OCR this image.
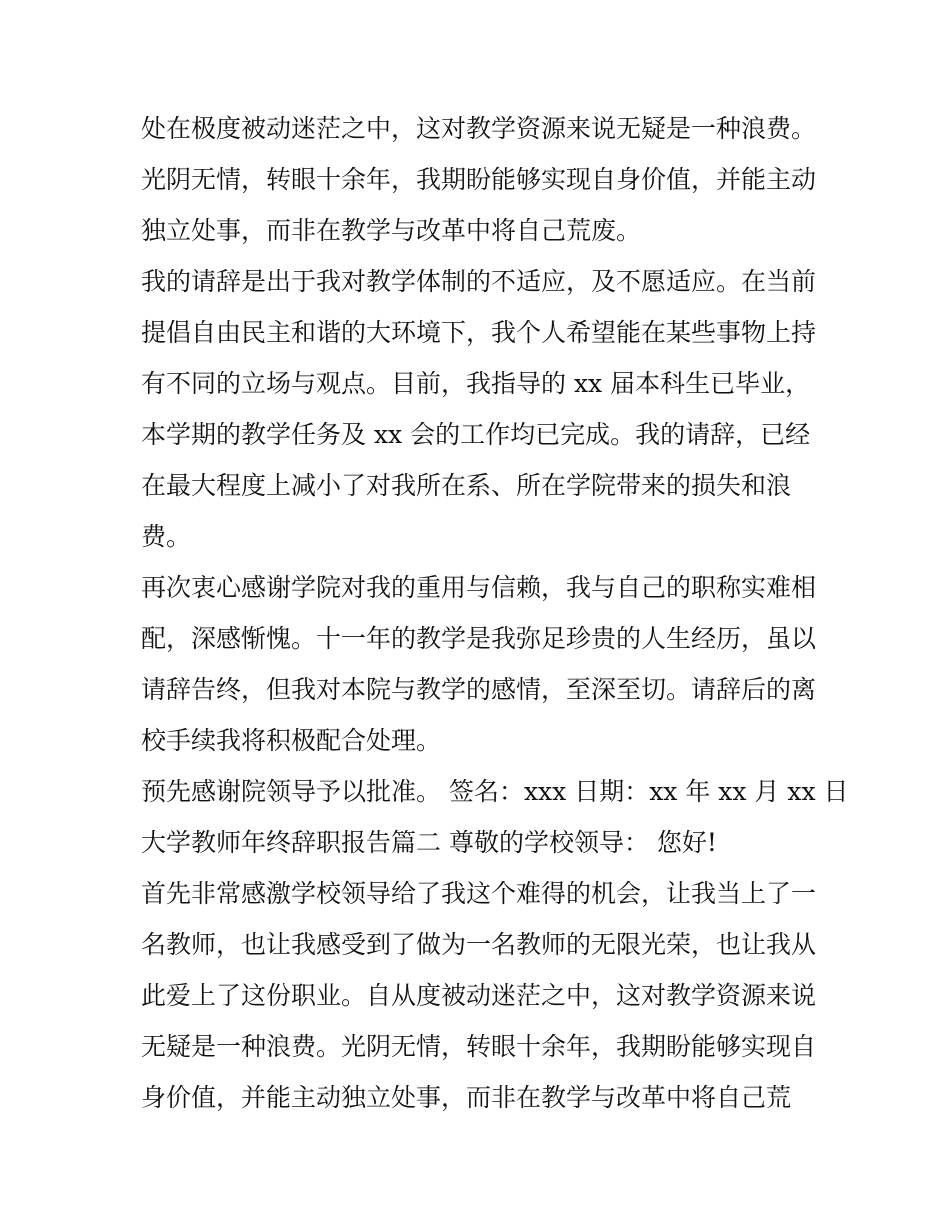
处在极度被动迷茫之中，这对教学资源来说无疑是一种浪费。
光阴无情，转眼十余年，我期盼能够实现自身价值，并能主动
独立处事，而非在教学与改革中将自己荒废。
我的请辞是出于我对教学体制的不适应，及不愿适应。在当前
提倡自由民主和谐的大环境下，我个人希望能在某些事物上持
有不同的立场与观点。目前，我指导的 xx 届本科生已毕业，
本学期的教学任务及 xx 会的工作均已完成。我的请辞，已经
在最大程度上减小了对我所在系、所在学院带来的损失和浪
费。
再次衷心感谢学院对我的重用与信赖，我与自己的职称实难相
配，深感惭愧。十一年的教学是我弥足珍贵的人生经历，虽以
请辞告终，但我对本院与教学的感情，至深至切。请辞后的离
校手续我将积极配合处理。
预先感谢院领导予以批准。 签名：xxx 日期：xx 年 xx 月 xx 日
大学教师年终辞职报告篇二 尊敬的学校领导： 您好!
首先非常感激学校领导给了我这个难得的机会，让我当上了一
名教师，也让我感受到了做为一名教师的无限光荣，也让我从
此爱上了这份职业。自从度被动迷茫之中，这对教学资源来说
无疑是一种浪费。光阴无情，转眼十余年，我期盼能够实现自
身价值，并能主动独立处事，而非在教学与改革中将自己荒
